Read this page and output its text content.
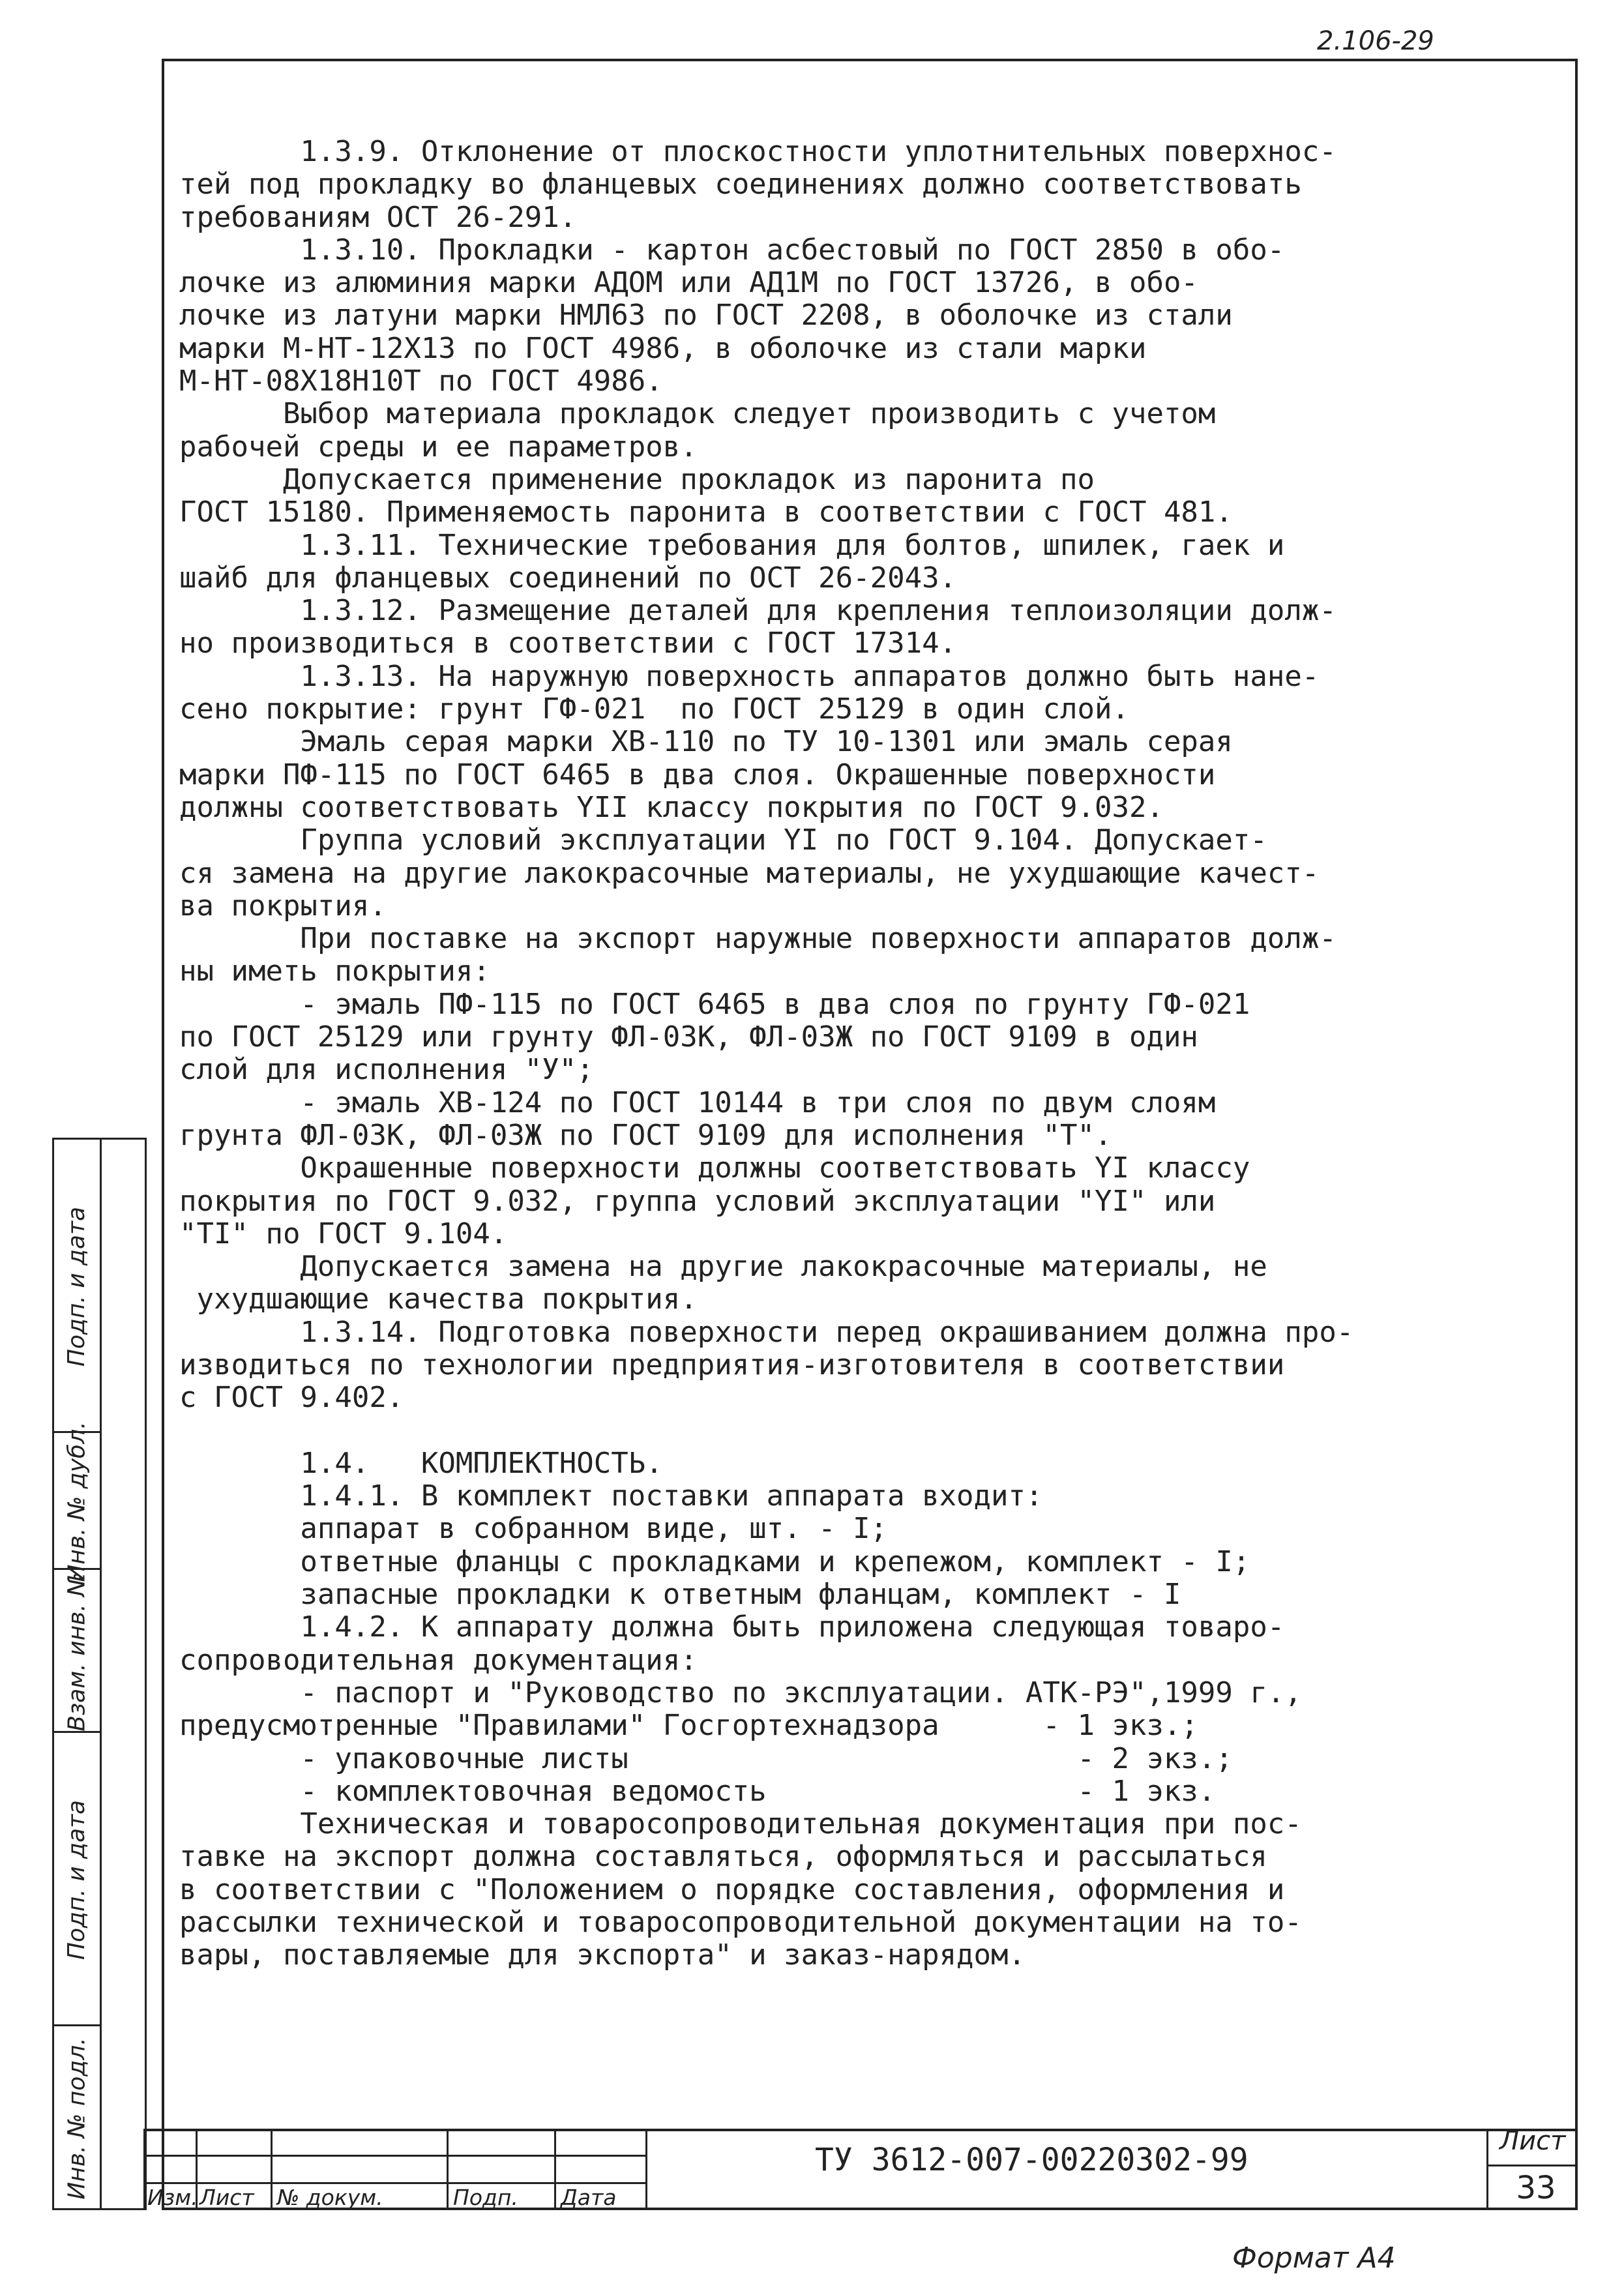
2.106-29
1.3.9. Отклонение от плоскостности уплотнительных поверхнос-
тей под прокладку во фланцевых соединениях должно соответствовать
требованиям ОСТ 26-291.
1.3.10. Прокладки - картон асбестовый по ГОСТ 2850 в обо-
лочке из алюминия марки АДОМ или АД1М по ГОСТ 13726, в обо-
лочке из латуни марки НМЛ63 по ГОСТ 2208, в оболочке из стали
марки М-НТ-12Х13 по ГОСТ 4986, в оболочке из стали марки
М-НТ-08Х18Н10Т по ГОСТ 4986.
Выбор материала прокладок следует производить с учетом
рабочей среды и ее параметров.
Допускается применение прокладок из паронита по
ГОСТ 15180. Применяемость паронита в соответствии с ГОСТ 481.
1.3.11. Технические требования для болтов, шпилек, гаек и
шайб для фланцевых соединений по ОСТ 26-2043.
1.3.12. Размещение деталей для крепления теплоизоляции долж-
но производиться в соответствии с ГОСТ 17314.
1.3.13. На наружную поверхность аппаратов должно быть нане-
сено покрытие: грунт ГФ-021  по ГОСТ 25129 в один слой.
Эмаль серая марки ХВ-110 по ТУ 10-1301 или эмаль серая
марки ПФ-115 по ГОСТ 6465 в два слоя. Окрашенные поверхности
должны соответствовать YII классу покрытия по ГОСТ 9.032.
Группа условий эксплуатации YI по ГОСТ 9.104. Допускает-
ся замена на другие лакокрасочные материалы, не ухудшающие качест-
ва покрытия.
При поставке на экспорт наружные поверхности аппаратов долж-
ны иметь покрытия:
- эмаль ПФ-115 по ГОСТ 6465 в два слоя по грунту ГФ-021
по ГОСТ 25129 или грунту ФЛ-03К, ФЛ-03Ж по ГОСТ 9109 в один
слой для исполнения "У";
- эмаль ХВ-124 по ГОСТ 10144 в три слоя по двум слоям
грунта ФЛ-03К, ФЛ-03Ж по ГОСТ 9109 для исполнения "Т".
Окрашенные поверхности должны соответствовать YI классу
покрытия по ГОСТ 9.032, группа условий эксплуатации "YI" или
"TI" по ГОСТ 9.104.
Допускается замена на другие лакокрасочные материалы, не
ухудшающие качества покрытия.
1.3.14. Подготовка поверхности перед окрашиванием должна про-
изводиться по технологии предприятия-изготовителя в соответствии
с ГОСТ 9.402.
1.4.   КОМПЛЕКТНОСТЬ.
1.4.1. В комплект поставки аппарата входит:
аппарат в собранном виде, шт. - I;
ответные фланцы с прокладками и крепежом, комплект - I;
запасные прокладки к ответным фланцам, комплект - I
1.4.2. К аппарату должна быть приложена следующая товаро-
сопроводительная документация:
- паспорт и "Руководство по эксплуатации. АТК-РЭ",1999 г.,
предусмотренные "Правилами" Госгортехнадзора      - 1 экз.;
- упаковочные листы                          - 2 экз.;
- комплектовочная ведомость                  - 1 экз.
Техническая и товаросопроводительная документация при пос-
тавке на экспорт должна составляться, оформляться и рассылаться
в соответствии с "Положением о порядке составления, оформления и
рассылки технической и товаросопроводительной документации на то-
вары, поставляемые для экспорта" и заказ-нарядом.
Подп. и дата
Инв. № дубл.
Взам. инв. №
Подп. и дата
Инв. № подл.	Изм. Лист № докум.	Подп. Дата
ТУ 3612-007-00220302-99
Лист
33
Формат А4
